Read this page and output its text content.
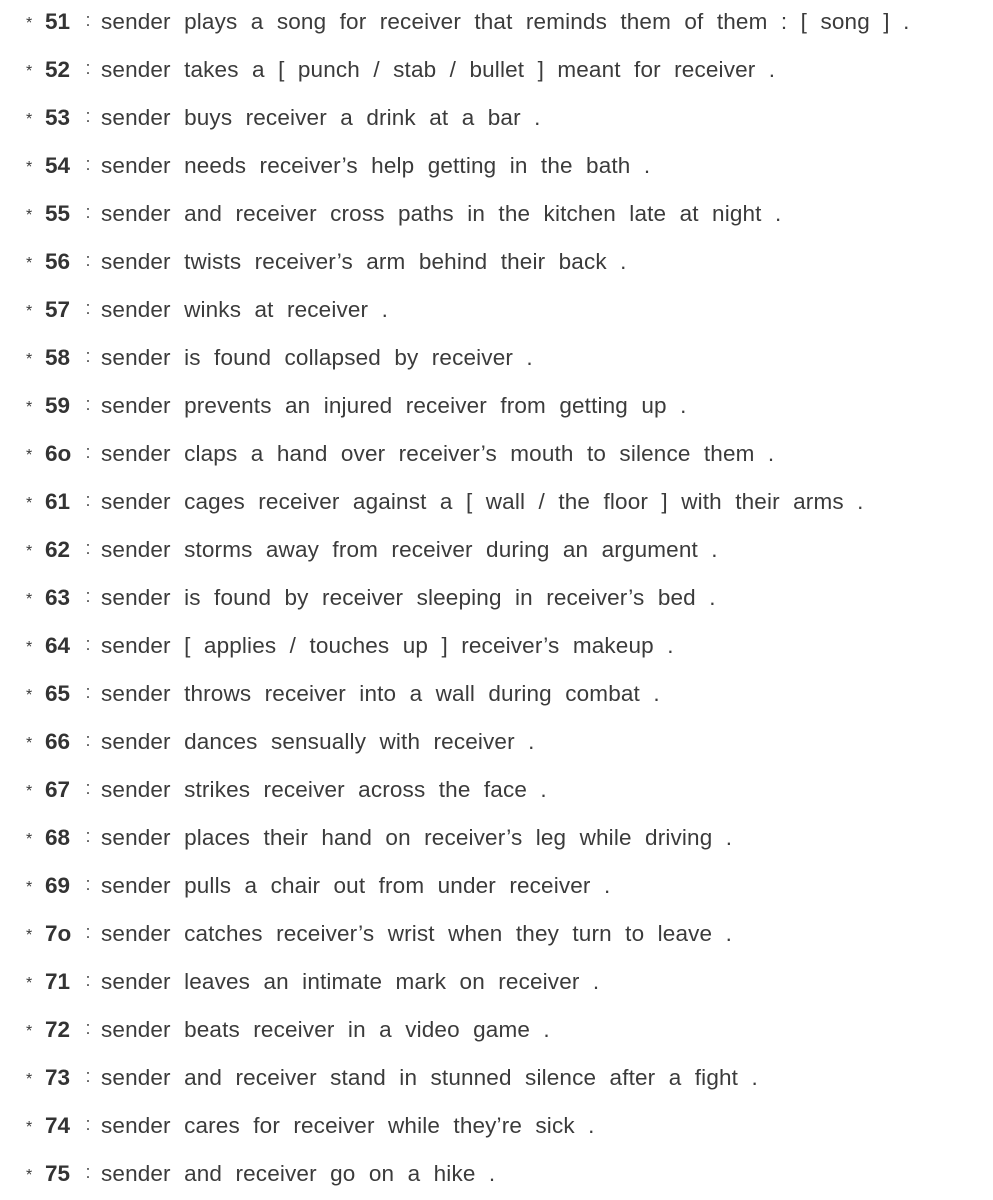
* 51 : sender plays a song for receiver that reminds them of them : [ song ] .
* 52 : sender takes a [ punch / stab / bullet ] meant for receiver .
* 53 : sender buys receiver a drink at a bar .
* 54 : sender needs receiver’s help getting in the bath .
* 55 : sender and receiver cross paths in the kitchen late at night .
* 56 : sender twists receiver’s arm behind their back .
* 57 : sender winks at receiver .
* 58 : sender is found collapsed by receiver .
* 59 : sender prevents an injured receiver from getting up .
* 6o : sender claps a hand over receiver’s mouth to silence them .
* 61 : sender cages receiver against a [ wall / the floor ] with their arms .
* 62 : sender storms away from receiver during an argument .
* 63 : sender is found by receiver sleeping in receiver’s bed .
* 64 : sender [ applies / touches up ] receiver’s makeup .
* 65 : sender throws receiver into a wall during combat .
* 66 : sender dances sensually with receiver .
* 67 : sender strikes receiver across the face .
* 68 : sender places their hand on receiver’s leg while driving .
* 69 : sender pulls a chair out from under receiver .
* 7o : sender catches receiver’s wrist when they turn to leave .
* 71 : sender leaves an intimate mark on receiver .
* 72 : sender beats receiver in a video game .
* 73 : sender and receiver stand in stunned silence after a fight .
* 74 : sender cares for receiver while they’re sick .
* 75 : sender and receiver go on a hike .
